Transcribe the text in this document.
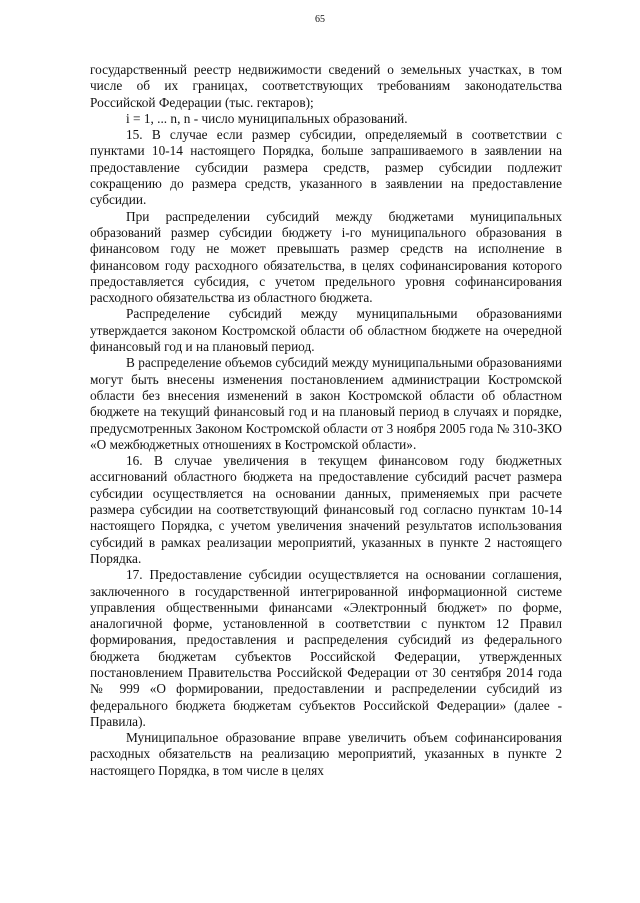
65

государственный реестр недвижимости сведений о земельных участках, в том числе об их границах, соответствующих требованиям законодательства Российской Федерации (тыс. гектаров);

i = 1, ... n, n - число муниципальных образований.

15. В случае если размер субсидии, определяемый в соответствии с пунктами 10-14 настоящего Порядка, больше запрашиваемого в заявлении на предоставление субсидии размера средств, размер субсидии подлежит сокращению до размера средств, указанного в заявлении на предоставление субсидии.

При распределении субсидий между бюджетами муниципальных образований размер субсидии бюджету i-го муниципального образования в финансовом году не может превышать размер средств на исполнение в финансовом году расходного обязательства, в целях софинансирования которого предоставляется субсидия, с учетом предельного уровня софинансирования расходного обязательства из областного бюджета.

Распределение субсидий между муниципальными образованиями утверждается законом Костромской области об областном бюджете на очередной финансовый год и на плановый период.

В распределение объемов субсидий между муниципальными образованиями могут быть внесены изменения постановлением администрации Костромской области без внесения изменений в закон Костромской области об областном бюджете на текущий финансовый год и на плановый период в случаях и порядке, предусмотренных Законом Костромской области от 3 ноября 2005 года № 310-ЗКО «О межбюджетных отношениях в Костромской области».

16. В случае увеличения в текущем финансовом году бюджетных ассигнований областного бюджета на предоставление субсидий расчет размера субсидии осуществляется на основании данных, применяемых при расчете размера субсидии на соответствующий финансовый год согласно пунктам 10-14 настоящего Порядка, с учетом увеличения значений результатов использования субсидий в рамках реализации мероприятий, указанных в пункте 2 настоящего Порядка.

17. Предоставление субсидии осуществляется на основании соглашения, заключенного в государственной интегрированной информационной системе управления общественными финансами «Электронный бюджет» по форме, аналогичной форме, установленной в соответствии с пунктом 12 Правил формирования, предоставления и распределения субсидий из федерального бюджета бюджетам субъектов Российской Федерации, утвержденных постановлением Правительства Российской Федерации от 30 сентября 2014 года № 999 «О формировании, предоставлении и распределении субсидий из федерального бюджета бюджетам субъектов Российской Федерации» (далее - Правила).

Муниципальное образование вправе увеличить объем софинансирования расходных обязательств на реализацию мероприятий, указанных в пункте 2 настоящего Порядка, в том числе в целях
